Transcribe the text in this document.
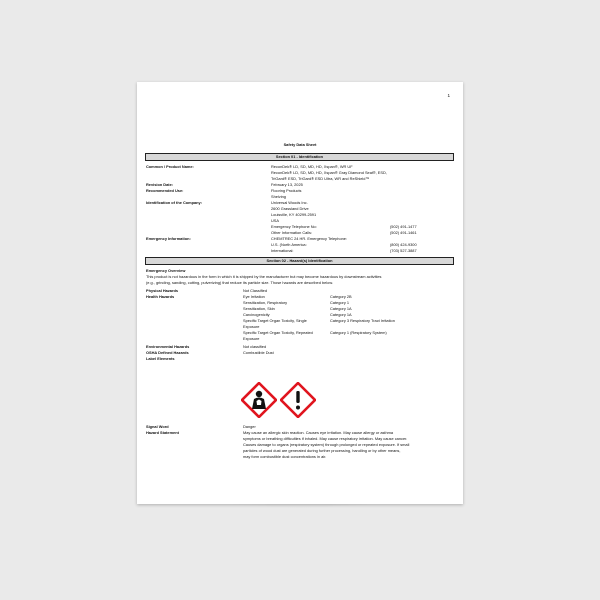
1
Safety Data Sheet
Section 01 - Identification
Common / Product Name:	ReconDek® LD, SD, MD, HD, Xspan®, WR UF
ReconDek® LD, SD, MD, HD, Xspan® Gray Diamond Seal®, ESD,
TriGard® ESD, TriGard® ESD Ultra, WR and ReShield™
Revision Date:	February 13, 2025
Recommended Use:	Flooring Products
Shelving
Identification of the Company:	Universal Woods Inc.
2600 Grassland Drive
Louisville, KY 40299-2591
USA
Emergency Telephone No:	(502) 491-1477
Other Information Calls:	(502) 491-1461
Emergency Information:	CHEMTREC 24 HR. Emergency Telephone:
U.S. (North America:	(800) 424-9300
International:	(703) 527-3887
Section 02 - Hazard(s) Identification
Emergency Overview
This product is not hazardous in the form in which it is shipped by the manufacturer but may become hazardous by downstream activities
(e.g., grinding, sanding, cutting, pulverizing) that reduce its particle size. Those hazards are described below.
Physical Hazards	Not Classified
Health Hazards	Eye Irritation	Category 2B
Sensitization, Respiratory	Category 1
Sensitization, Skin	Category 1A
Carcinogenicity	Category 1A
Specific Target Organ Toxicity, Single	Category 3 Respiratory Tract Irritation
Exposure
Specific Target Organ Toxicity, Repeated	Category 1 (Respiratory System)
Exposure
Environmental Hazards	Not classified
OSHA Defined Hazards	Combustible Dust
Label Elements
Signal Word	Danger
Hazard Statement	May cause an allergic skin reaction. Causes eye irritation. May cause allergy or asthma
symptoms or breathing difficulties if inhaled. May cause respiratory irritation. May cause cancer.
Causes damage to organs (respiratory system) through prolonged or repeated exposure. If small
particles of wood dust are generated during further processing, handling or by other means,
may form combustible dust concentrations in air.
